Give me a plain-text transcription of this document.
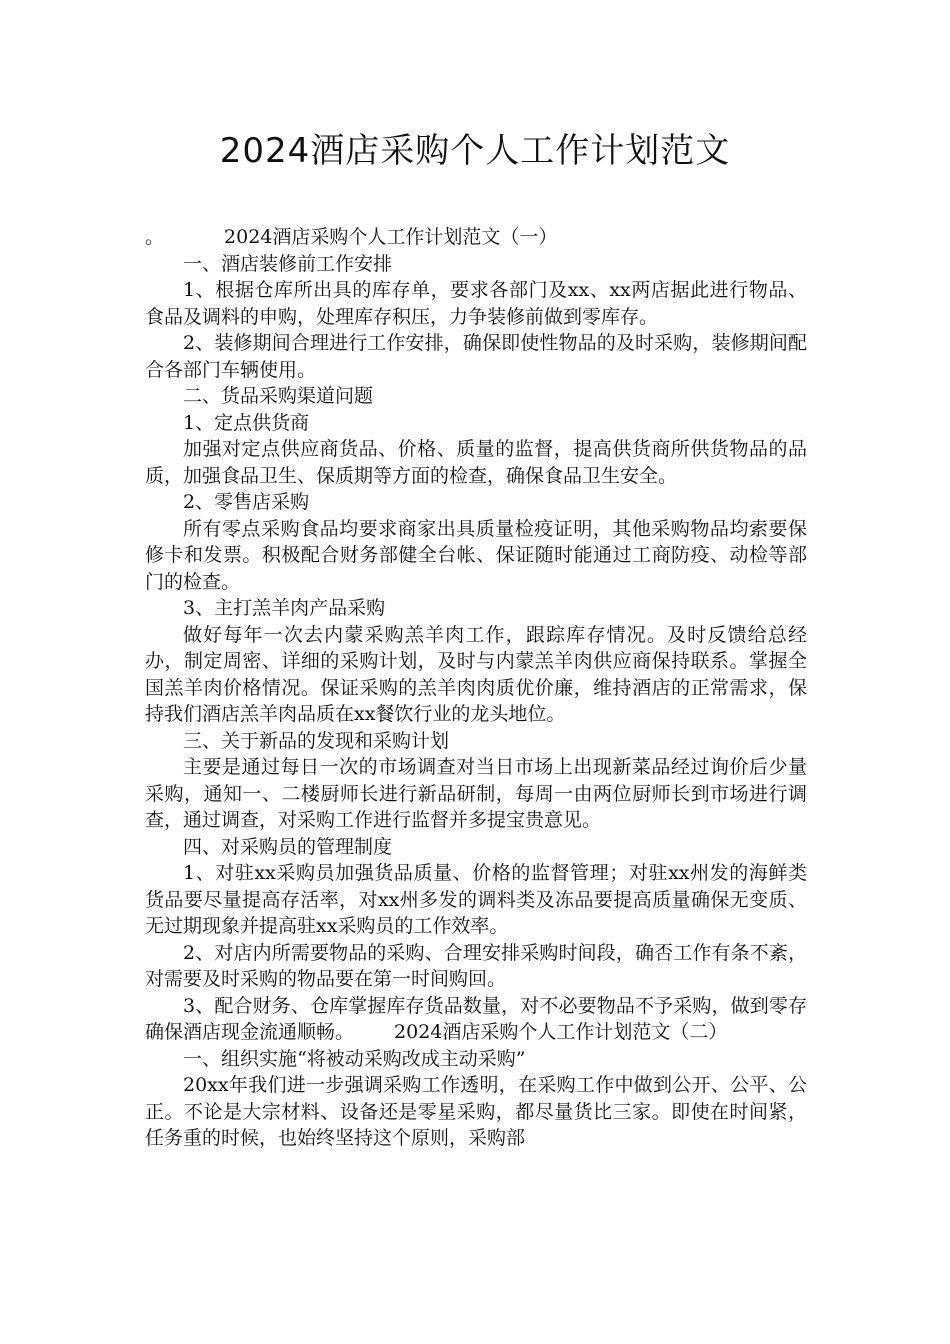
2024酒店采购个人工作计划范文

。	2024酒店采购个人工作计划范文（一）

一、酒店装修前工作安排

1、根据仓库所出具的库存单，要求各部门及xx、xx两店据此进行物品、食品及调料的申购，处理库存积压，力争装修前做到零库存。

2、装修期间合理进行工作安排，确保即使性物品的及时采购，装修期间配合各部门车辆使用。

二、货品采购渠道问题

1、定点供货商

加强对定点供应商货品、价格、质量的监督，提高供货商所供货物品的品质，加强食品卫生、保质期等方面的检查，确保食品卫生安全。

2、零售店采购

所有零点采购食品均要求商家出具质量检疫证明，其他采购物品均索要保修卡和发票。积极配合财务部健全台帐、保证随时能通过工商防疫、动检等部门的检查。

3、主打羔羊肉产品采购

做好每年一次去内蒙采购羔羊肉工作，跟踪库存情况。及时反馈给总经办，制定周密、详细的采购计划，及时与内蒙羔羊肉供应商保持联系。掌握全国羔羊肉价格情况。保证采购的羔羊肉肉质优价廉，维持酒店的正常需求，保持我们酒店羔羊肉品质在xx餐饮行业的龙头地位。

三、关于新品的发现和采购计划

主要是通过每日一次的市场调查对当日市场上出现新菜品经过询价后少量采购，通知一、二楼厨师长进行新品研制，每周一由两位厨师长到市场进行调查，通过调查，对采购工作进行监督并多提宝贵意见。

四、对采购员的管理制度

1、对驻xx采购员加强货品质量、价格的监督管理；对驻xx州发的海鲜类货品要尽量提高存活率，对xx州多发的调料类及冻品要提高质量确保无变质、无过期现象并提高驻xx采购员的工作效率。

2、对店内所需要物品的采购、合理安排采购时间段，确否工作有条不紊，对需要及时采购的物品要在第一时间购回。

3、配合财务、仓库掌握库存货品数量，对不必要物品不予采购，做到零存确保酒店现金流通顺畅。 2024酒店采购个人工作计划范文（二）

一、组织实施“将被动采购改成主动采购”

20xx年我们进一步强调采购工作透明，在采购工作中做到公开、公平、公正。不论是大宗材料、设备还是零星采购，都尽量货比三家。即使在时间紧，任务重的时候，也始终坚持这个原则，采购部
